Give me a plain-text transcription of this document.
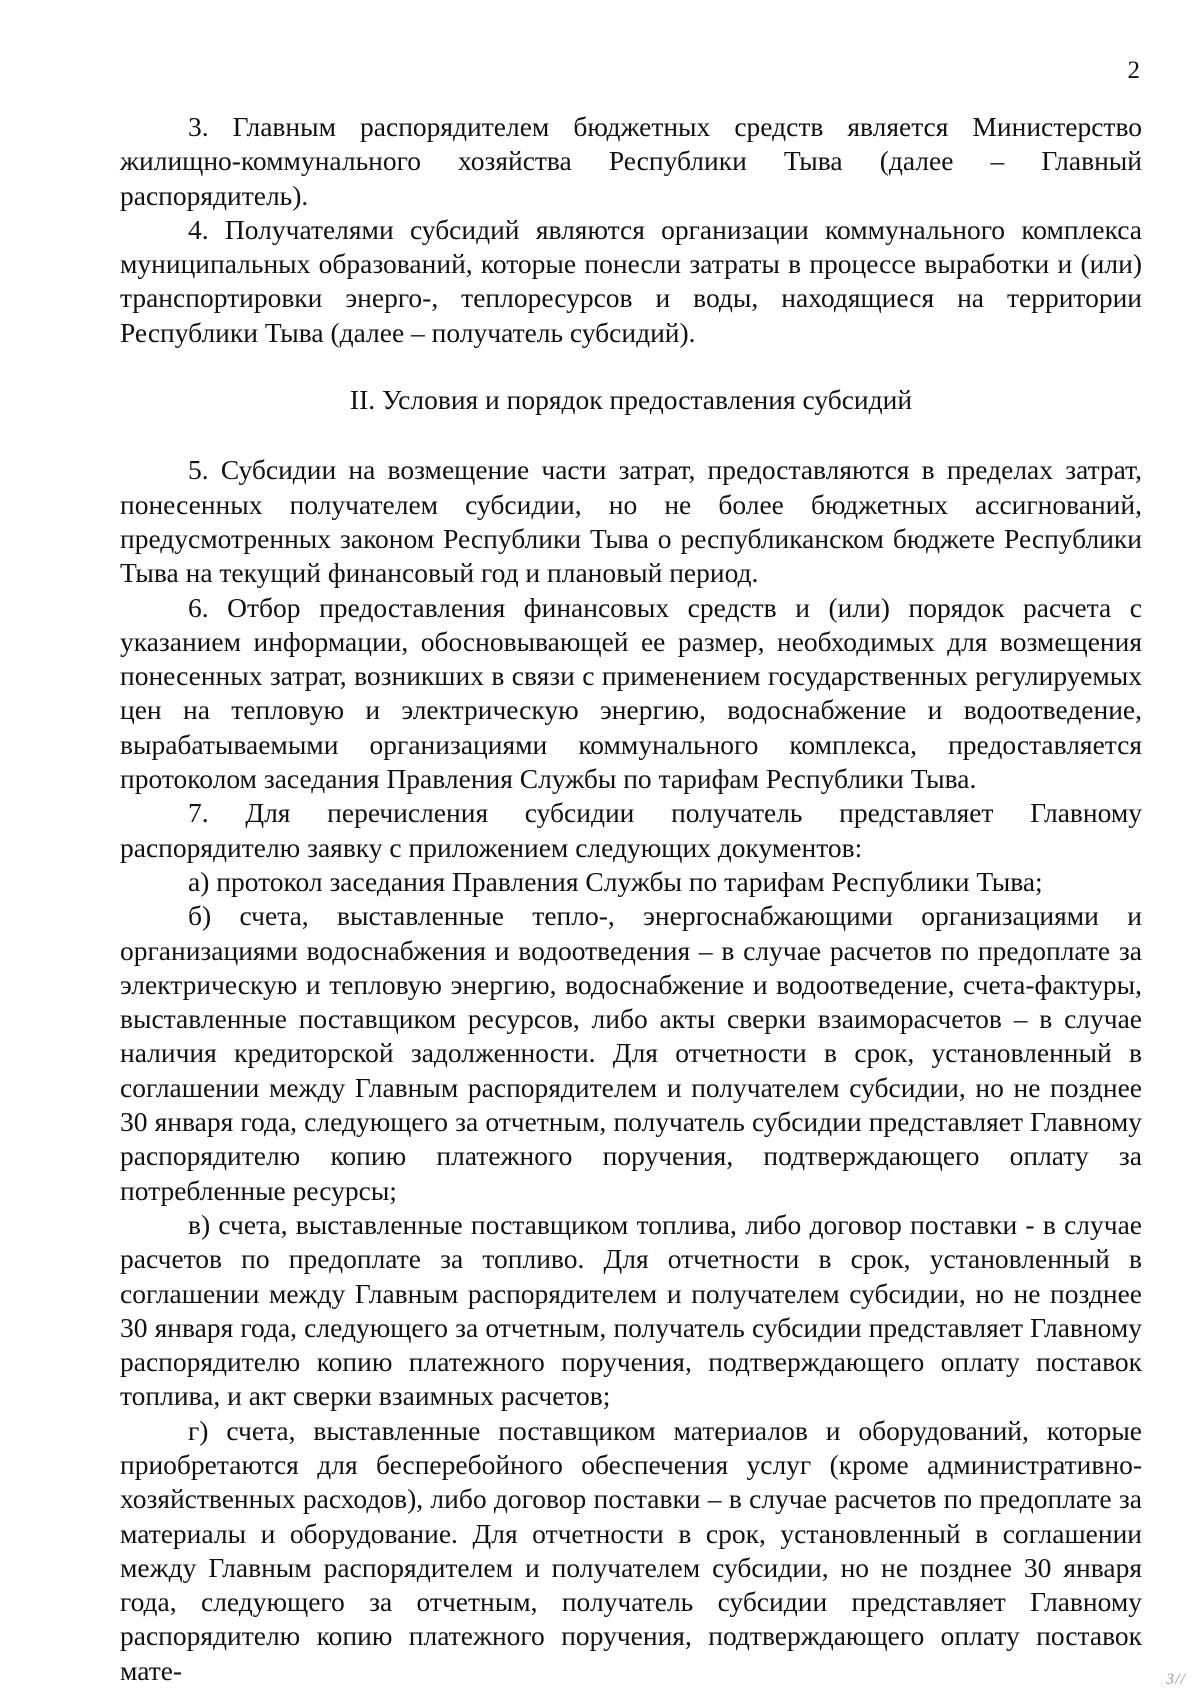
2

3. Главным распорядителем бюджетных средств является Министерство жилищно-коммунального хозяйства Республики Тыва (далее – Главный распорядитель).

4. Получателями субсидий являются организации коммунального комплекса муниципальных образований, которые понесли затраты в процессе выработки и (или) транспортировки энерго-, теплоресурсов и воды, находящиеся на территории Республики Тыва (далее – получатель субсидий).

II. Условия и порядок предоставления субсидий

5. Субсидии на возмещение части затрат, предоставляются в пределах затрат, понесенных получателем субсидии, но не более бюджетных ассигнований, предусмотренных законом Республики Тыва о республиканском бюджете Республики Тыва на текущий финансовый год и плановый период.

6. Отбор предоставления финансовых средств и (или) порядок расчета с указанием информации, обосновывающей ее размер, необходимых для возмещения понесенных затрат, возникших в связи с применением государственных регулируемых цен на тепловую и электрическую энергию, водоснабжение и водоотведение, вырабатываемыми организациями коммунального комплекса, предоставляется протоколом заседания Правления Службы по тарифам Республики Тыва.

7. Для перечисления субсидии получатель представляет Главному распорядителю заявку с приложением следующих документов:

а) протокол заседания Правления Службы по тарифам Республики Тыва;

б) счета, выставленные тепло-, энергоснабжающими организациями и организациями водоснабжения и водоотведения – в случае расчетов по предоплате за электрическую и тепловую энергию, водоснабжение и водоотведение, счета-фактуры, выставленные поставщиком ресурсов, либо акты сверки взаиморасчетов – в случае наличия кредиторской задолженности. Для отчетности в срок, установленный в соглашении между Главным распорядителем и получателем субсидии, но не позднее 30 января года, следующего за отчетным, получатель субсидии представляет Главному распорядителю копию платежного поручения, подтверждающего оплату за потребленные ресурсы;

в) счета, выставленные поставщиком топлива, либо договор поставки - в случае расчетов по предоплате за топливо. Для отчетности в срок, установленный в соглашении между Главным распорядителем и получателем субсидии, но не позднее 30 января года, следующего за отчетным, получатель субсидии представляет Главному распорядителю копию платежного поручения, подтверждающего оплату поставок топлива, и акт сверки взаимных расчетов;

г) счета, выставленные поставщиком материалов и оборудований, которые приобретаются для бесперебойного обеспечения услуг (кроме административно-хозяйственных расходов), либо договор поставки – в случае расчетов по предоплате за материалы и оборудование. Для отчетности в срок, установленный в соглашении между Главным распорядителем и получателем субсидии, но не позднее 30 января года, следующего за отчетным, получатель субсидии представляет Главному распорядителю копию платежного поручения, подтверждающего оплату поставок мате-	3//
